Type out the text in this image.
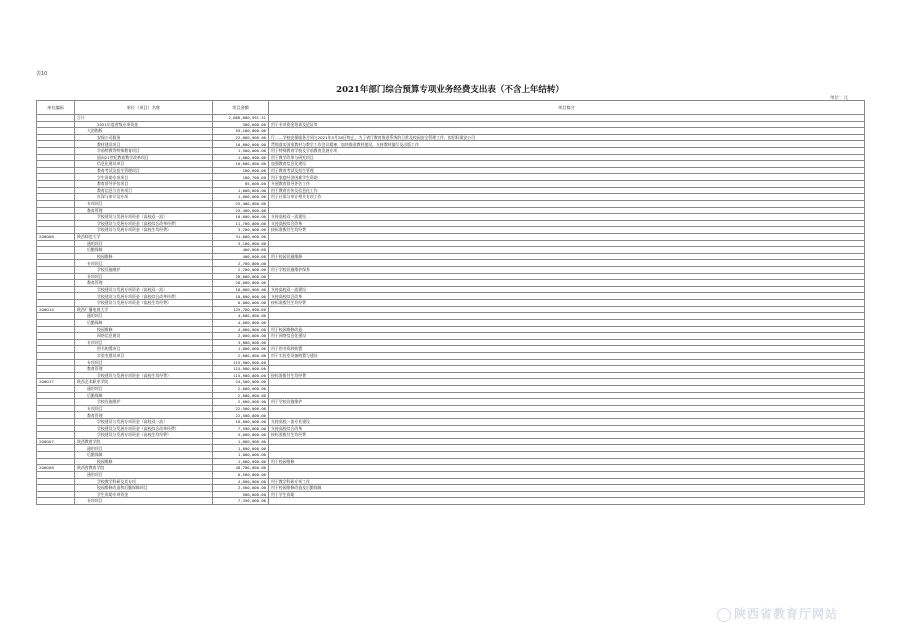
表10
2021年部门综合预算专项业务经费支出表（不含上年结转）
单位：元
单位编码	单位（项目）名称	项目金额	项目简介
	合计	2,668,000,591.31	
	2021年度省级专项资金	300,000.00	用于专项资金培训及论证等
	大团购版	55,180,000.00	
	安保公司服务	22,000,000.00	厅……学校安保服务合同与2021年5月28日终止，为了省厅教育推进系统的日常及校园安全管理工作，拟招标保安公司
	教材建设项目	10,000,000.00	贯彻落实国家教材与教学工作会议精神，加快推进教材建设，支持教材编写及出版工作
	学前特教等特殊教育项目	1,500,000.00	用于特殊教育学校及学前教育发展专项
	面向21世纪教育教学改革项目	1,000,000.00	用于教学改革与研究项目
	信息化建设项目	10,000,000.00	加强教育信息化建设
	教育考试及招生管理项目	180,000.00	用于教育考试及招生管理
	学生资助专项项目	180,700.00	用于家庭经济困难学生资助
	教育督导评估项目	65,000.00	开展教育督导评估工作
	教育信息与宣传项目	1,000,000.00	用于教育宣传及信息化工作
	社保与审计及专项	1,000,000.00	用于社保与审计相关专项工作
	专项项目	25,400,000.00	
	教育管理	25,400,000.00	
	学校建设与发展专项资金（高校双一流）	10,000,000.00	支持高校双一流建设
	学校建设与发展专项资金（高校综合改革经费）	11,700,000.00	支持高校综合改革
	学校建设与发展专项资金（高校生均经费）	3,700,000.00	按标准拨付生均经费
206008	陕西师范大学	31,000,000.00	
	通用项目	3,100,000.00	
	后勤保障	400,000.00	
	校园维修	400,000.00	用于校园设施维修
	专项项目	2,700,000.00	
	学校设施维护	2,700,000.00	用于学校设施维护保养
	专项项目	28,000,000.00	
	教育管理	28,000,000.00	
	学校建设与发展专项资金（高校双一流）	10,000,000.00	支持高校双一流建设
	学校建设与发展专项资金（高校综合改革经费）	10,000,000.00	支持高校综合改革
	学校建设与发展专项资金（高校生均经费）	8,000,000.00	按标准拨付生均经费
206014	陕西广播电视大学	125,700,000.00	
	通用项目	4,000,000.00	
	后勤保障	4,000,000.00	
	校园维修	4,000,000.00	用于校园维修改造
	网络信息建设	2,000,000.00	用于网络信息化建设
	专项项目	3,800,000.00	
	图书购置项目	1,800,000.00	用于图书资料购置
	实验室建设项目	2,000,000.00	用于实验室设备购置与建设
	专项项目	115,900,000.00	
	教育管理	115,900,000.00	
	学校建设与发展专项资金（高校生均经费）	115,900,000.00	按标准拨付生均经费
206017	陕西艺术职业学院	24,500,000.00	
	通用项目	2,000,000.00	
	后勤保障	2,000,000.00	
	学校设施维护	2,000,000.00	用于学校设施维护
	专项项目	22,500,000.00	
	教育管理	22,500,000.00	
	学校建设与发展专项资金（高校双一流）	10,000,000.00	支持高校一流专业建设
	学校建设与发展专项资金（高校综合改革经费）	7,500,000.00	支持高校综合改革
	学校建设与发展专项资金（高校生均经费）	5,000,000.00	按标准拨付生均经费
206007	陕西教育学院	1,000,000.00	
	通用项目	1,000,000.00	
	后勤保障	1,000,000.00	
	校园维修	1,000,000.00	用于校园维修
206008	陕西省教育学院	48,700,000.00	
	通用项目	6,500,000.00	
	学校教学科研及其专项	4,000,000.00	用于教学科研专项工作
	校园维修改造和后勤保障项目	2,500,000.00	用于校园维修改造及后勤保障
	学生资助专项资金	500,000.00	用于学生资助
	专项项目	7,350,000.00	
陕西省教育厅网站
